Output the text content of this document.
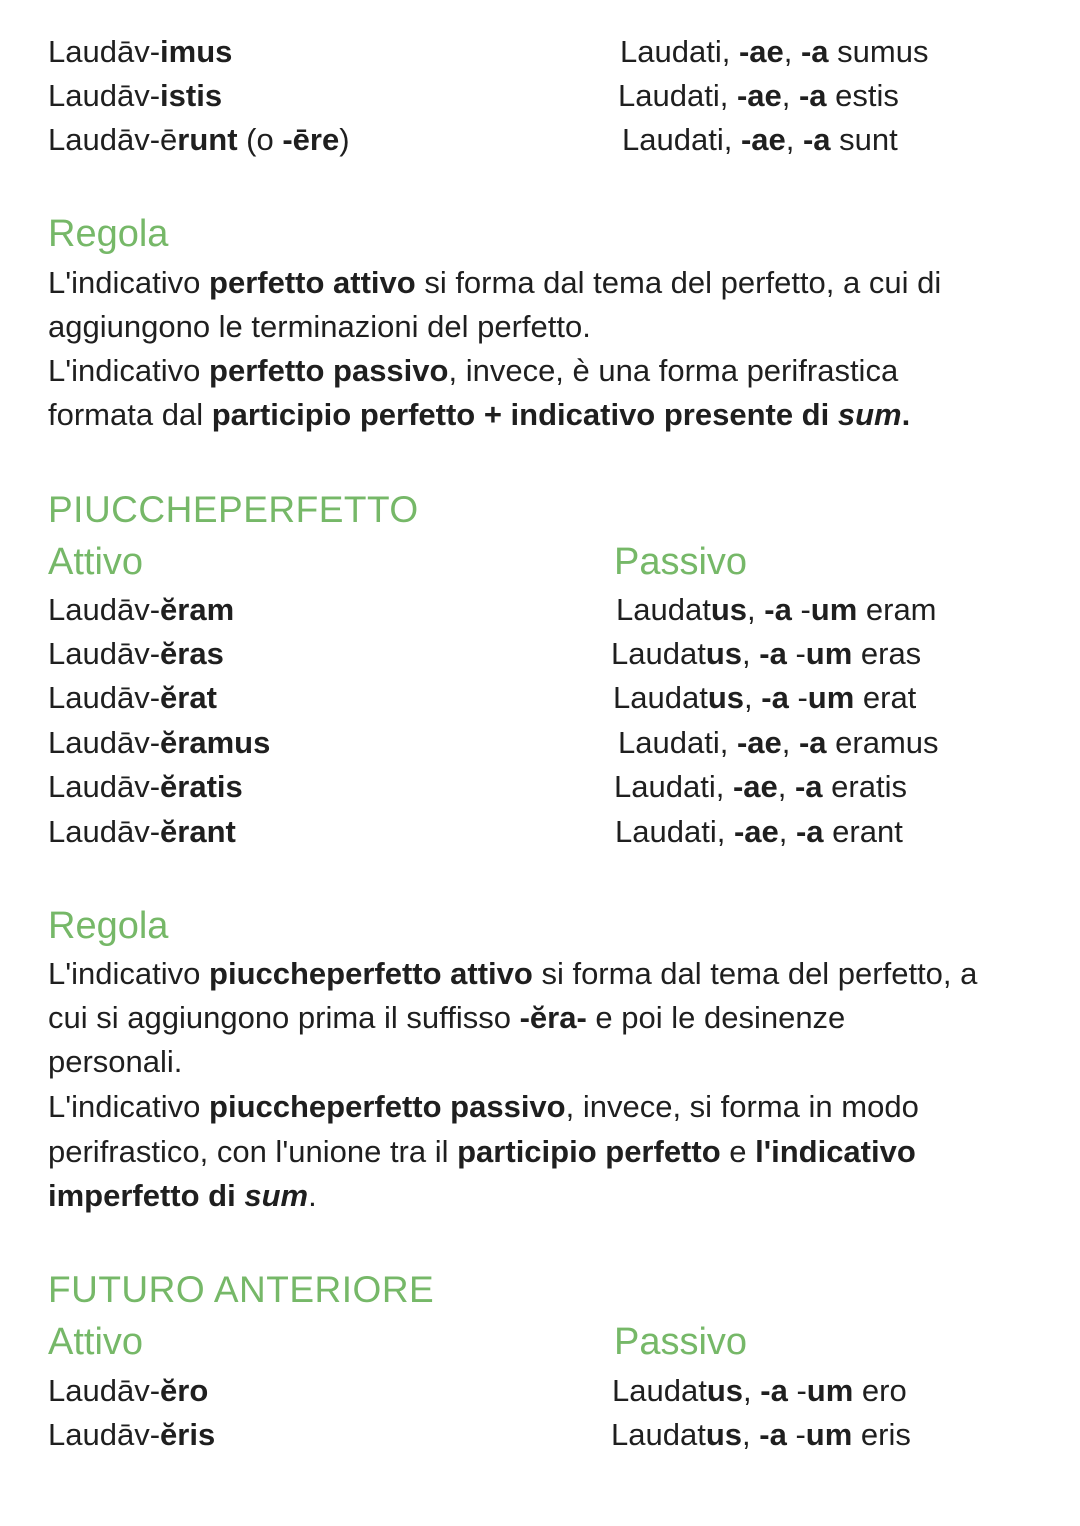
Laudāv-imus
Laudāv-istis
Laudāv-ērunt (o -ēre)
Laudati, -ae, -a sumus
Laudati, -ae, -a estis
Laudati, -ae, -a sunt
Regola
L'indicativo perfetto attivo si forma dal tema del perfetto, a cui di
aggiungono le terminazioni del perfetto.
L'indicativo perfetto passivo, invece, è una forma perifrastica
formata dal participio perfetto + indicativo presente di sum.
PIUCCHEPERFETTO
Attivo	Passivo
Laudāv-ĕram
Laudāv-ĕras
Laudāv-ĕrat
Laudāv-ĕramus
Laudāv-ĕratis
Laudāv-ĕrant
Laudatus, -a -um eram
Laudatus, -a -um eras
Laudatus, -a -um erat
Laudati, -ae, -a eramus
Laudati, -ae, -a eratis
Laudati, -ae, -a erant
Regola
L'indicativo piuccheperfetto attivo si forma dal tema del perfetto, a
cui si aggiungono prima il suffisso -ĕra- e poi le desinenze
personali.
L'indicativo piuccheperfetto passivo, invece, si forma in modo
perifrastico, con l'unione tra il participio perfetto e l'indicativo
imperfetto di sum.
FUTURO ANTERIORE
Attivo	Passivo
Laudāv-ĕro
Laudāv-ĕris
Laudatus, -a -um ero
Laudatus, -a -um eris
